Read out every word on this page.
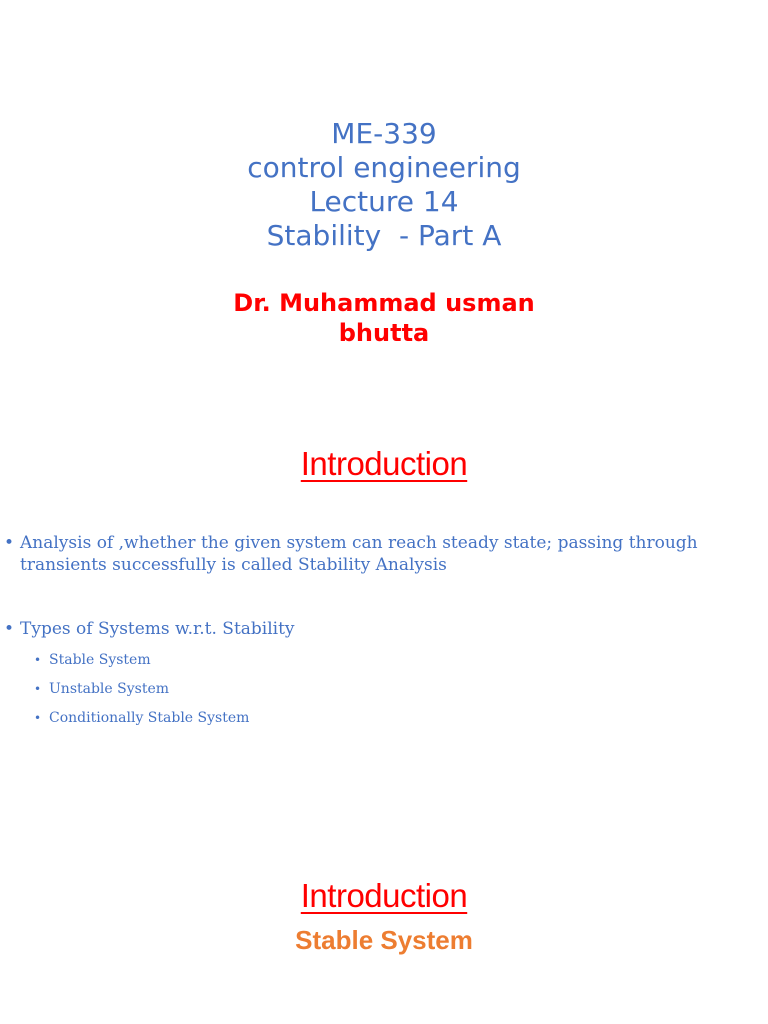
ME-339
control engineering
Lecture 14
Stability  - Part A
Dr. Muhammad usman
bhutta
Introduction
• Analysis of ,whether the given system can reach steady state; passing through transients successfully is called Stability Analysis
• Types of Systems w.r.t. Stability
• Stable System
• Unstable System
• Conditionally Stable System
Introduction
Stable System
